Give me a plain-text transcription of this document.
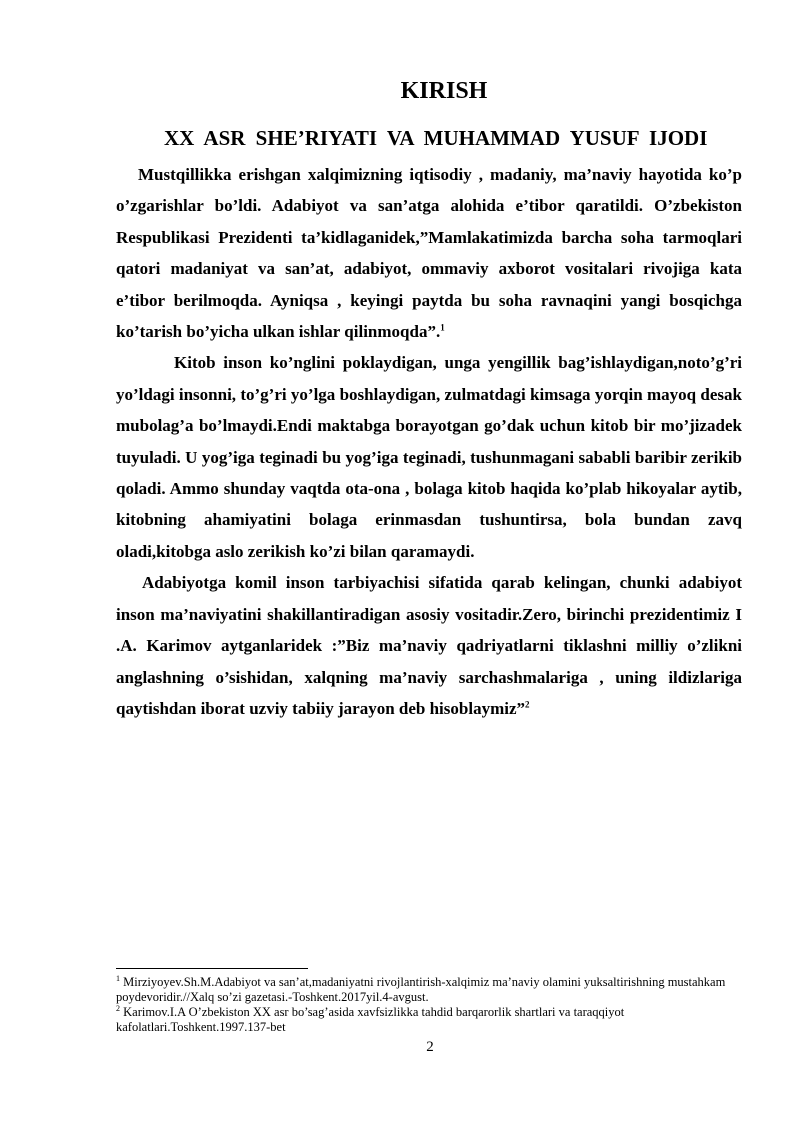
KIRISH
XX ASR SHE’RIYATI VA MUHAMMAD YUSUF IJODI

Mustqillikka erishgan xalqimizning iqtisodiy , madaniy, ma’naviy hayotida ko’p o’zgarishlar bo’ldi. Adabiyot va san’atga alohida e’tibor qaratildi. O’zbekiston Respublikasi Prezidenti ta’kidlaganidek,”Mamlakatimizda barcha soha tarmoqlari qatori madaniyat va san’at, adabiyot, ommaviy axborot vositalari rivojiga kata e’tibor berilmoqda. Ayniqsa , keyingi paytda bu soha ravnaqini yangi bosqichga ko’tarish bo’yicha ulkan ishlar qilinmoqda”.$^1$

Kitob inson ko’nglini poklaydigan, unga yengillik bag’ishlaydigan,noto’g’ri yo’ldagi insonni, to’g’ri yo’lga boshlaydigan, zulmatdagi kimsaga yorqin mayoq desak mubolag’a bo’lmaydi.Endi maktabga borayotgan go’dak uchun kitob bir mo’jizadek tuyuladi. U yog’iga teginadi bu yog’iga teginadi, tushunmagani sababli baribir zerikib qoladi. Ammo shunday vaqtda ota-ona , bolaga kitob haqida ko’plab hikoyalar aytib, kitobning ahamiyatini bolaga erinmasdan tushuntirsa, bola bundan zavq oladi,kitobga aslo zerikish ko’zi bilan qaramaydi.

Adabiyotga komil inson tarbiyachisi sifatida qarab kelingan, chunki adabiyot inson ma’naviyatini shakillantiradigan asosiy vositadir.Zero, birinchi prezidentimiz I .A. Karimov aytganlaridek :”Biz ma’naviy qadriyatlarni tiklashni milliy o’zlikni anglashning o’sishidan, xalqning ma’naviy sarchashmalariga , uning ildizlariga qaytishdan iborat uzviy tabiiy jarayon deb hisoblaymiz”$^2$

$^1$ Mirziyoyev.Sh.M.Adabiyot va san’at,madaniyatni rivojlantirish-xalqimiz ma’naviy olamini yuksaltirishning mustahkam poydevoridir.//Xalq so’zi gazetasi.-Toshkent.2017yil.4-avgust.

$^2$ Karimov.I.A O’zbekiston XX asr bo’sag’asida xavfsizlikka tahdid barqarorlik shartlari va taraqqiyot kafolatlari.Toshkent.1997.137-bet

2
